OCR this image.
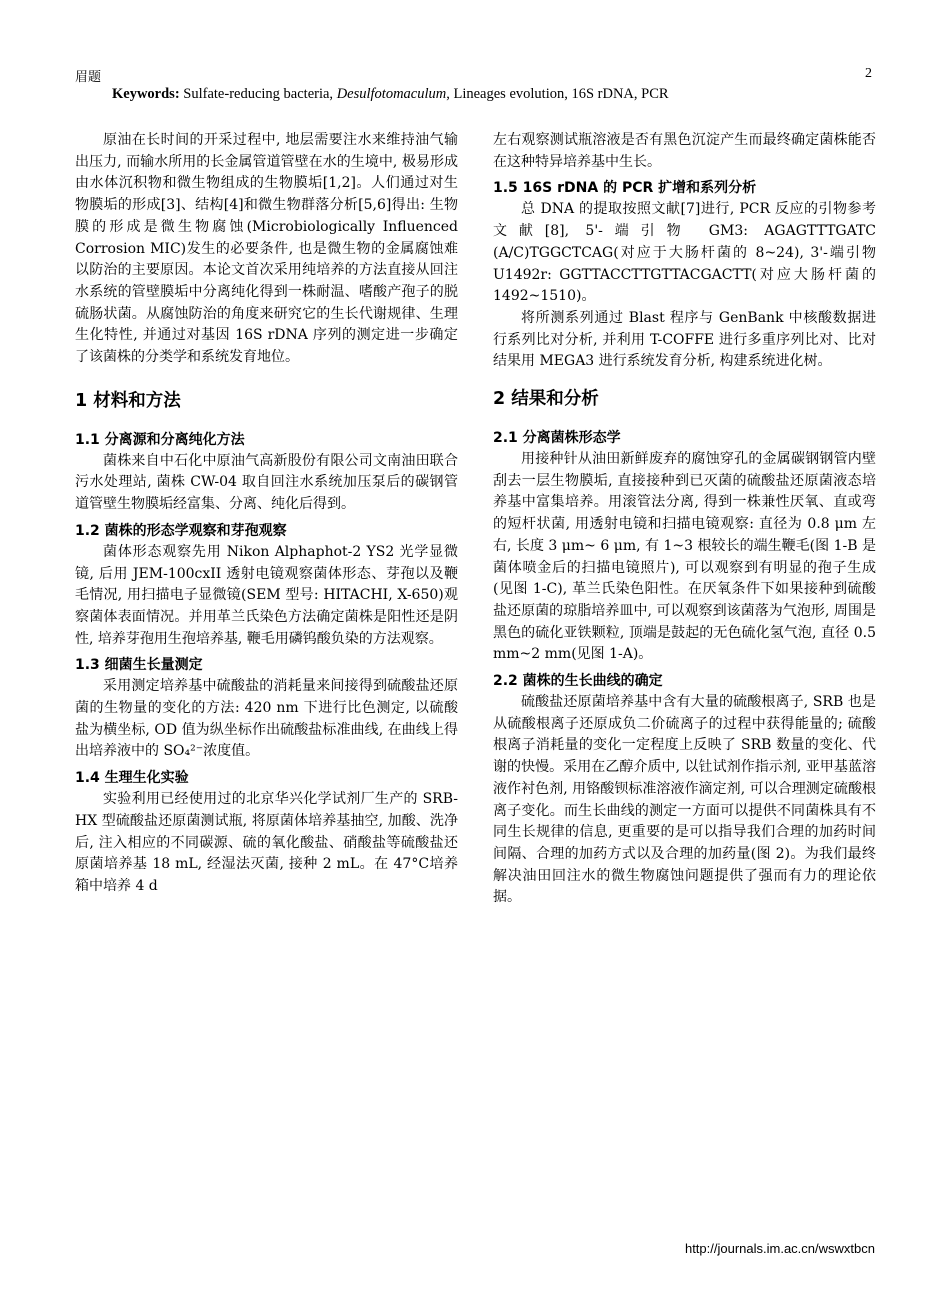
眉题	2
Keywords: Sulfate-reducing bacteria, Desulfotomaculum, Lineages evolution, 16S rDNA, PCR

原油在长时间的开采过程中, 地层需要注水来维持油气输出压力, 而输水所用的长金属管道管壁在水的生境中, 极易形成由水体沉积物和微生物组成的生物膜垢[1,2]。人们通过对生物膜垢的形成[3]、结构[4]和微生物群落分析[5,6]得出: 生物膜的形成是微生物腐蚀(Microbiologically Influenced Corrosion MIC)发生的必要条件, 也是微生物的金属腐蚀难以防治的主要原因。本论文首次采用纯培养的方法直接从回注水系统的管壁膜垢中分离纯化得到一株耐温、嗜酸产孢子的脱硫肠状菌。从腐蚀防治的角度来研究它的生长代谢规律、生理生化特性, 并通过对基因 16S rDNA 序列的测定进一步确定了该菌株的分类学和系统发育地位。

1 材料和方法
1.1 分离源和分离纯化方法

菌株来自中石化中原油气高新股份有限公司文南油田联合污水处理站, 菌株 CW-04 取自回注水系统加压泵后的碳钢管道管壁生物膜垢经富集、分离、纯化后得到。

1.2 菌株的形态学观察和芽孢观察

菌体形态观察先用 Nikon Alphaphot-2 YS2 光学显微镜, 后用 JEM-100cxII 透射电镜观察菌体形态、芽孢以及鞭毛情况, 用扫描电子显微镜(SEM 型号: HITACHI, X-650)观察菌体表面情况。并用革兰氏染色方法确定菌株是阳性还是阴性, 培养芽孢用生孢培养基, 鞭毛用磷钨酸负染的方法观察。

1.3 细菌生长量测定

采用测定培养基中硫酸盐的消耗量来间接得到硫酸盐还原菌的生物量的变化的方法: 420 nm 下进行比色测定, 以硫酸盐为横坐标, OD 值为纵坐标作出硫酸盐标准曲线, 在曲线上得出培养液中的 SO₄²⁻浓度值。

1.4 生理生化实验

实验利用已经使用过的北京华兴化学试剂厂生产的 SRB-HX 型硫酸盐还原菌测试瓶, 将原菌体培养基抽空, 加酸、洗净后, 注入相应的不同碳源、硫的氧化酸盐、硝酸盐等硫酸盐还原菌培养基 18 mL, 经湿法灭菌, 接种 2 mL。在 47°C培养箱中培养 4 d

左右观察测试瓶溶液是否有黑色沉淀产生而最终确定菌株能否在这种特异培养基中生长。

1.5 16S rDNA 的 PCR 扩增和系列分析

总 DNA 的提取按照文献[7]进行, PCR 反应的引物参考文献[8], 5'-端引物 GM3: AGAGTTTGATC (A/C)TGGCTCAG(对应于大肠杆菌的 8~24), 3'-端引物 U1492r: GGTTACCTTGTTACGACTT(对应大肠杆菌的 1492~1510)。

将所测系列通过 Blast 程序与 GenBank 中核酸数据进行系列比对分析, 并利用 T-COFFE 进行多重序列比对、比对结果用 MEGA3 进行系统发育分析, 构建系统进化树。

2 结果和分析
2.1 分离菌株形态学

用接种针从油田新鲜废弃的腐蚀穿孔的金属碳钢钢管内壁刮去一层生物膜垢, 直接接种到已灭菌的硫酸盐还原菌液态培养基中富集培养。用滚管法分离, 得到一株兼性厌氧、直或弯的短杆状菌, 用透射电镜和扫描电镜观察: 直径为 0.8 μm 左右, 长度 3 μm~ 6 μm, 有 1~3 根较长的端生鞭毛(图 1-B 是菌体喷金后的扫描电镜照片), 可以观察到有明显的孢子生成(见图 1-C), 革兰氏染色阳性。在厌氧条件下如果接种到硫酸盐还原菌的琼脂培养皿中, 可以观察到该菌落为气泡形, 周围是黑色的硫化亚铁颗粒, 顶端是鼓起的无色硫化氢气泡, 直径 0.5 mm~2 mm(见图 1-A)。

2.2 菌株的生长曲线的确定

硫酸盐还原菌培养基中含有大量的硫酸根离子, SRB 也是从硫酸根离子还原成负二价硫离子的过程中获得能量的; 硫酸根离子消耗量的变化一定程度上反映了 SRB 数量的变化、代谢的快慢。采用在乙醇介质中, 以钍试剂作指示剂, 亚甲基蓝溶液作衬色剂, 用铬酸钡标准溶液作滴定剂, 可以合理测定硫酸根离子变化。而生长曲线的测定一方面可以提供不同菌株具有不同生长规律的信息, 更重要的是可以指导我们合理的加药时间间隔、合理的加药方式以及合理的加药量(图 2)。为我们最终解决油田回注水的微生物腐蚀问题提供了强而有力的理论依据。

http://journals.im.ac.cn/wswxtbcn
